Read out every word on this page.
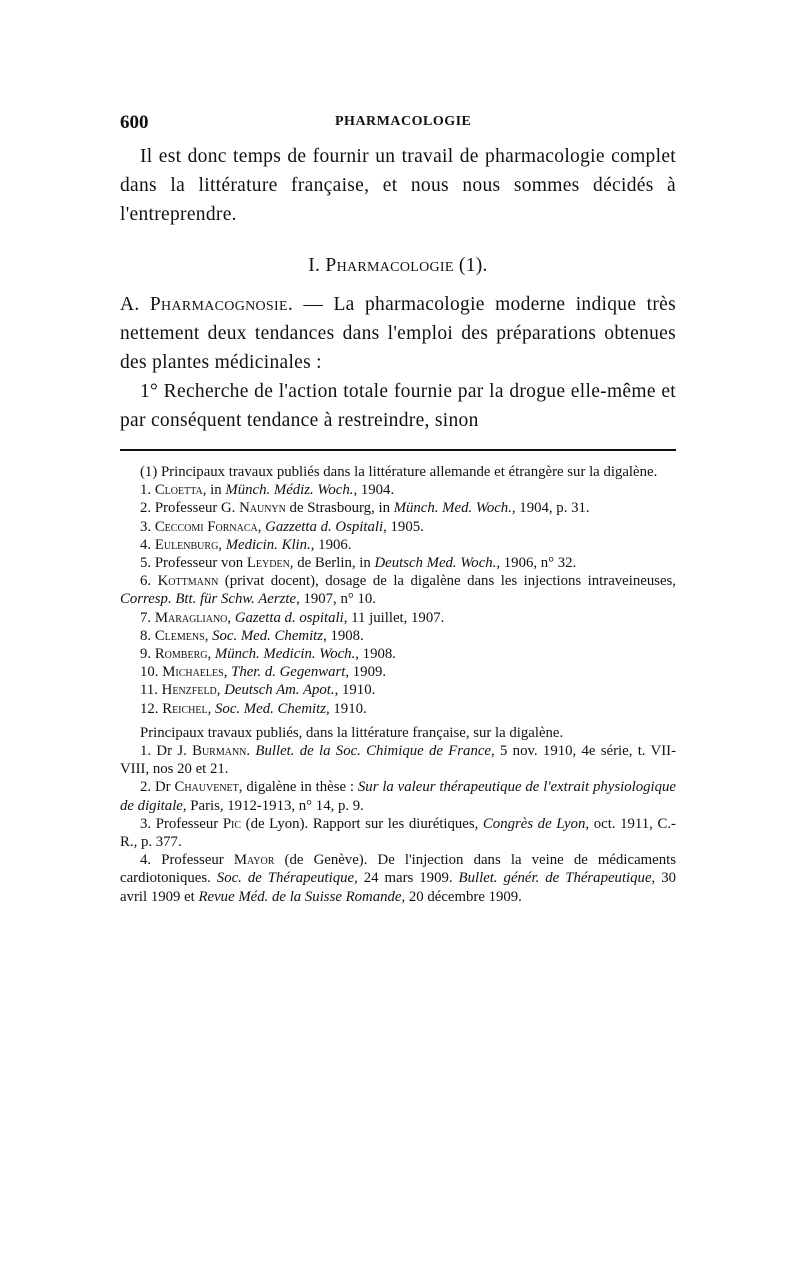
600	PHARMACOLOGIE

Il est donc temps de fournir un travail de pharmacologie complet dans la littérature française, et nous nous sommes décidés à l'entreprendre.

I. Pharmacologie (1).

A. Pharmacognosie. — La pharmacologie moderne indique très nettement deux tendances dans l'emploi des préparations obtenues des plantes médicinales :

1° Recherche de l'action totale fournie par la drogue elle-même et par conséquent tendance à restreindre, sinon

(1) Principaux travaux publiés dans la littérature allemande et étrangère sur la digalène.

1. Cloetta, in Münch. Médiz. Woch., 1904.

2. Professeur G. Naunyn de Strasbourg, in Münch. Med. Woch., 1904, p. 31.

3. Ceccomi Fornaca, Gazzetta d. Ospitali, 1905.

4. Eulenburg, Medicin. Klin., 1906.

5. Professeur von Leyden, de Berlin, in Deutsch Med. Woch., 1906, n° 32.

6. Kottmann (privat docent), dosage de la digalène dans les injections intraveineuses, Corresp. Btt. für Schw. Aerzte, 1907, n° 10.

7. Maragliano, Gazetta d. ospitali, 11 juillet, 1907.

8. Clemens, Soc. Med. Chemitz, 1908.

9. Romberg, Münch. Medicin. Woch., 1908.

10. Michaeles, Ther. d. Gegenwart, 1909.

11. Henzfeld, Deutsch Am. Apot., 1910.

12. Reichel, Soc. Med. Chemitz, 1910.

Principaux travaux publiés, dans la littérature française, sur la digalène.

1. Dr J. Burmann. Bullet. de la Soc. Chimique de France, 5 nov. 1910, 4e série, t. VII-VIII, nos 20 et 21.

2. Dr Chauvenet, digalène in thèse : Sur la valeur thérapeutique de l'extrait physiologique de digitale, Paris, 1912-1913, n° 14, p. 9.

3. Professeur Pic (de Lyon). Rapport sur les diurétiques, Congrès de Lyon, oct. 1911, C.-R., p. 377.

4. Professeur Mayor (de Genève). De l'injection dans la veine de médicaments cardiotoniques. Soc. de Thérapeutique, 24 mars 1909. Bullet. génér. de Thérapeutique, 30 avril 1909 et Revue Méd. de la Suisse Romande, 20 décembre 1909.
